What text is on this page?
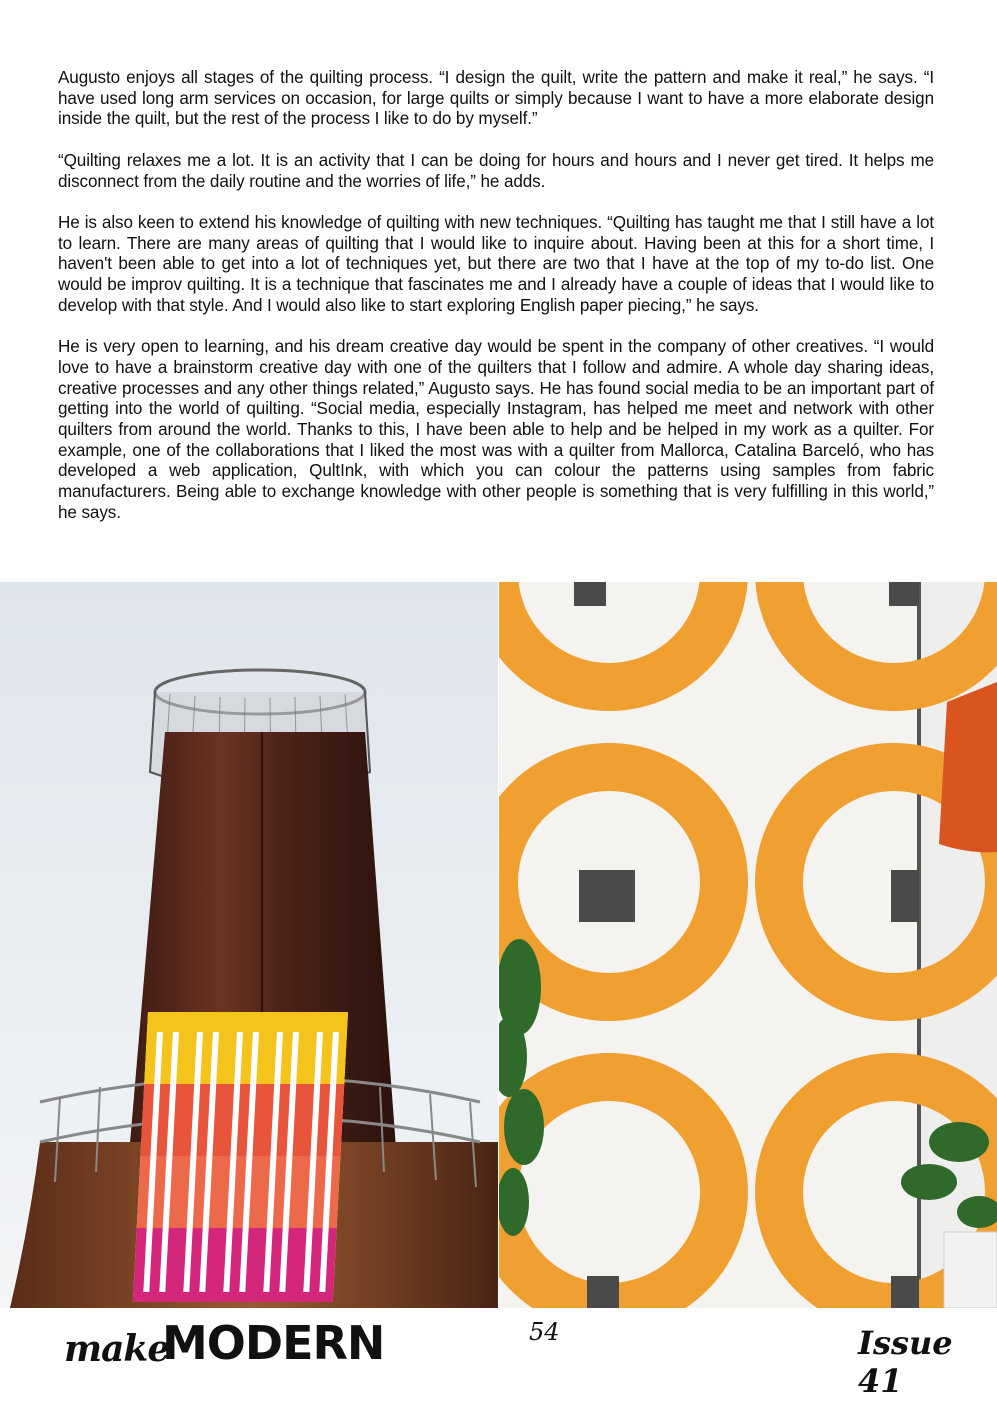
Augusto enjoys all stages of the quilting process. “I design the quilt, write the pattern and make it real,” he says. “I have used long arm services on occasion, for large quilts or simply because I want to have a more elaborate design inside the quilt, but the rest of the process I like to do by myself.”

“Quilting relaxes me a lot. It is an activity that I can be doing for hours and hours and I never get tired. It helps me disconnect from the daily routine and the worries of life,” he adds.

He is also keen to extend his knowledge of quilting with new techniques. “Quilting has taught me that I still have a lot to learn. There are many areas of quilting that I would like to inquire about. Having been at this for a short time, I haven't been able to get into a lot of techniques yet, but there are two that I have at the top of my to-do list. One would be improv quilting. It is a technique that fascinates me and I already have a couple of ideas that I would like to develop with that style. And I would also like to start exploring English paper piecing,” he says.

He is very open to learning, and his dream creative day would be spent in the company of other creatives. “I would love to have a brainstorm creative day with one of the quilters that I follow and admire. A whole day sharing ideas, creative processes and any other things related,” Augusto says. He has found social media to be an important part of getting into the world of quilting. “Social media, especially Instagram, has helped me meet and network with other quilters from around the world. Thanks to this, I have been able to help and be helped in my work as a quilter. For example, one of the collaborations that I liked the most was with a quilter from Mallorca, Catalina Barceló, who has developed a web application, QultInk, with which you can colour the patterns using samples from fabric manufacturers. Being able to exchange knowledge with other people is something that is very fulfilling in this world,” he says.

make
MODERN	54	Issue 41
